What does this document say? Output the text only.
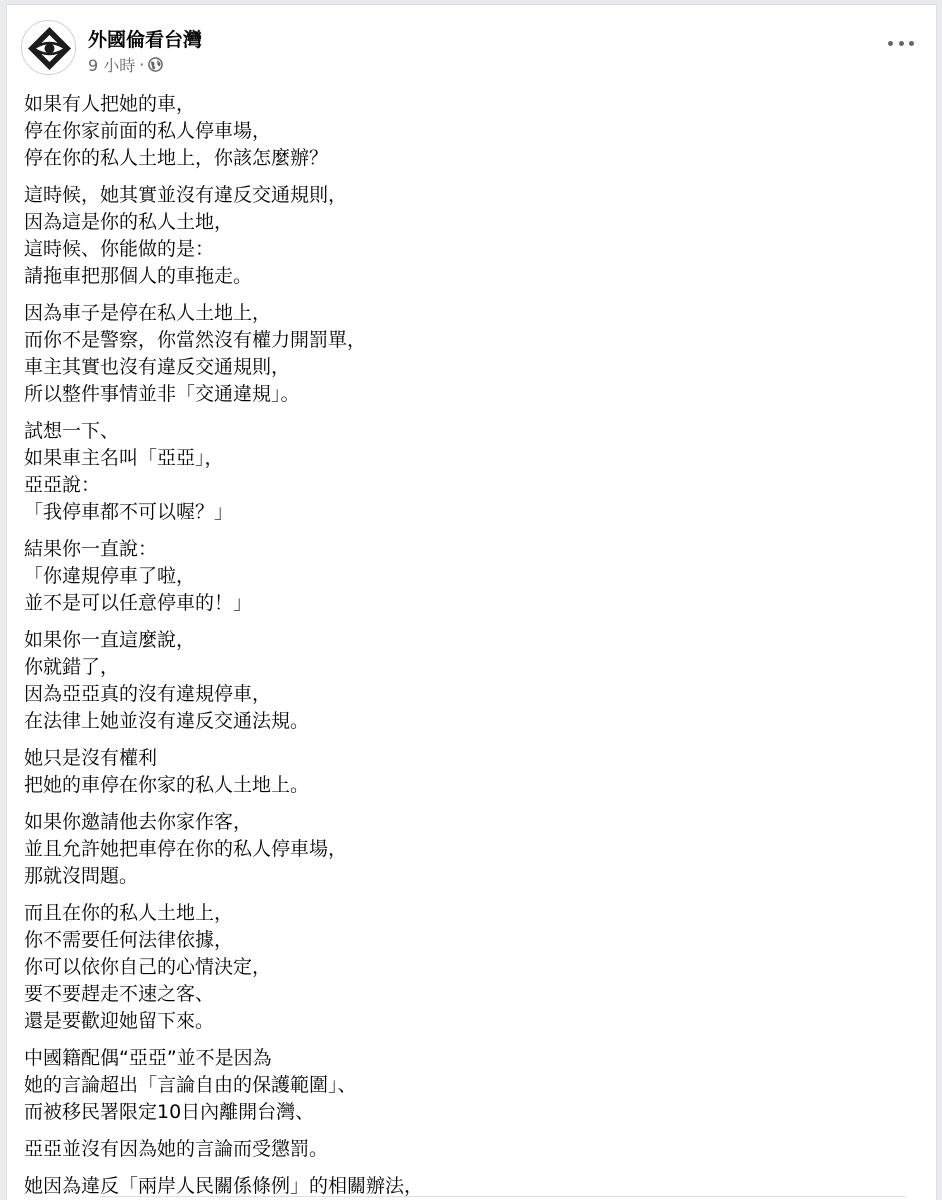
外國倫看台灣
9 小時 ·
如果有人把她的車，
停在你家前面的私人停車場，
停在你的私人土地上，你該怎麼辦？
這時候，她其實並沒有違反交通規則，
因為這是你的私人土地，
這時候、你能做的是：
請拖車把那個人的車拖走。
因為車子是停在私人土地上，
而你不是警察，你當然沒有權力開罰單，
車主其實也沒有違反交通規則，
所以整件事情並非「交通違規」。
試想一下、
如果車主名叫「亞亞」，
亞亞說：
「我停車都不可以喔？」
結果你一直說：
「你違規停車了啦，
並不是可以任意停車的！」
如果你一直這麼說，
你就錯了，
因為亞亞真的沒有違規停車，
在法律上她並沒有違反交通法規。
她只是沒有權利
把她的車停在你家的私人土地上。
如果你邀請他去你家作客，
並且允許她把車停在你的私人停車場，
那就沒問題。
而且在你的私人土地上，
你不需要任何法律依據，
你可以依你自己的心情決定，
要不要趕走不速之客、
還是要歡迎她留下來。
中國籍配偶“亞亞”並不是因為
她的言論超出「言論自由的保護範圍」、
而被移民署限定10日內離開台灣、
亞亞並沒有因為她的言論而受懲罰。
她因為違反「兩岸人民關係條例」的相關辦法，
